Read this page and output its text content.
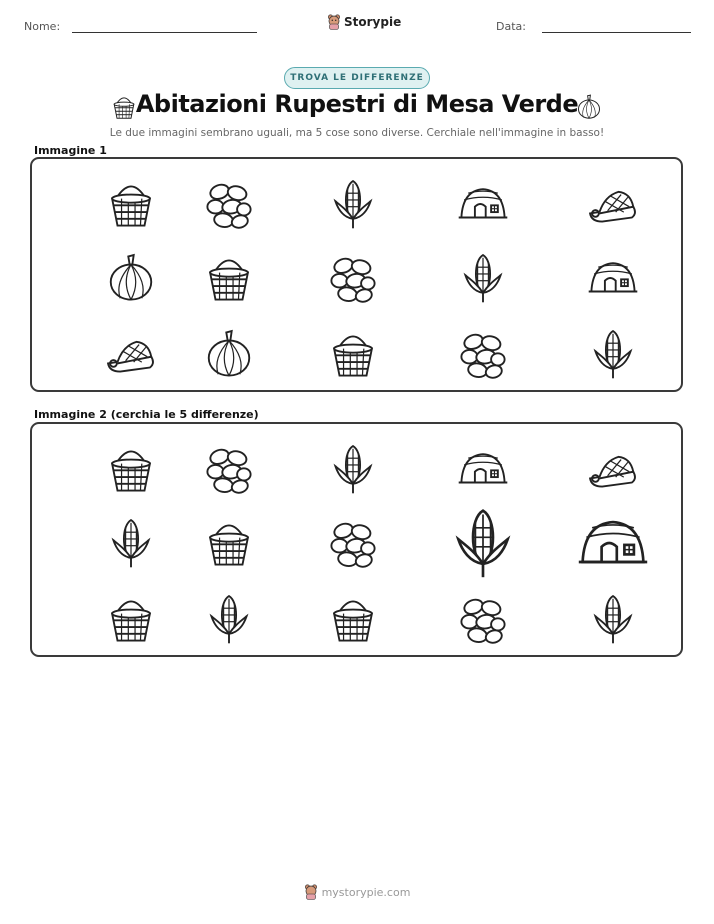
Nome:	Storypie	Data:
TROVA LE DIFFERENZE
Abitazioni Rupestri di Mesa Verde
Le due immagini sembrano uguali, ma 5 cose sono diverse. Cerchiale nell'immagine in basso!
Immagine 1
Immagine 2 (cerchia le 5 differenze)
mystorypie.com
